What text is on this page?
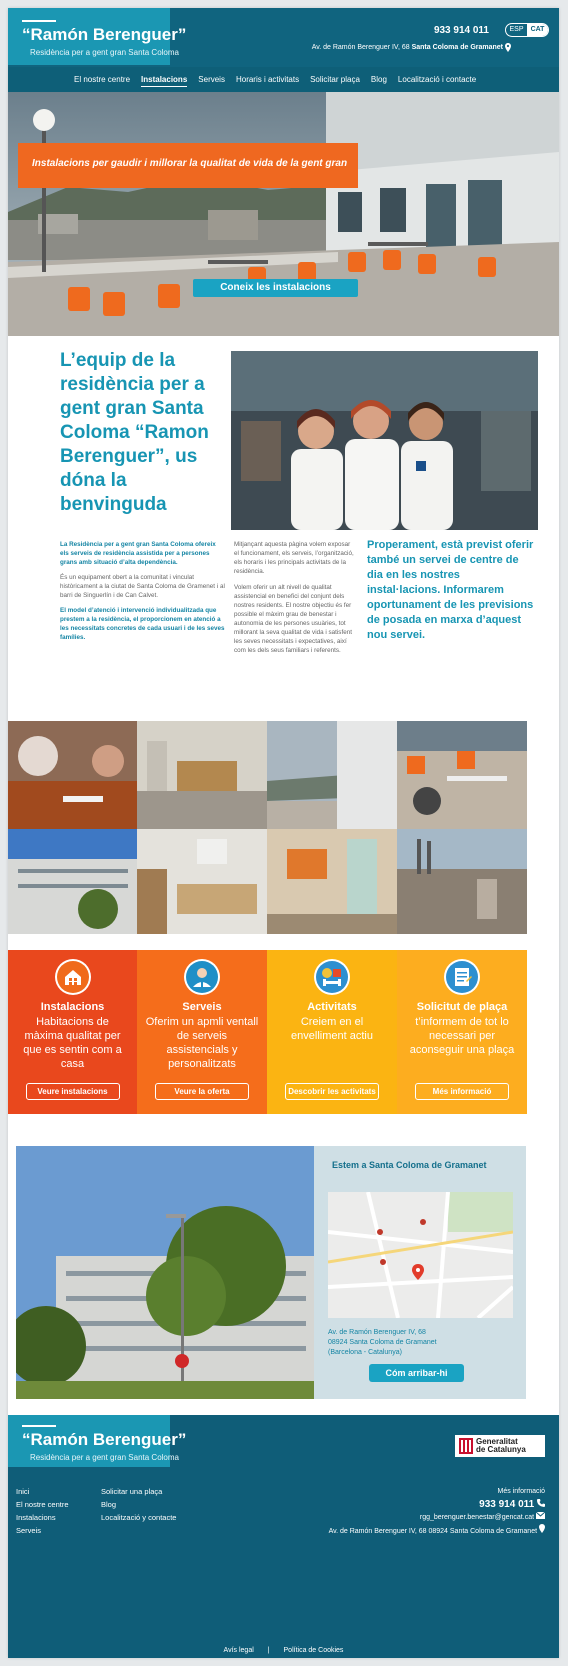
“Ramón Berenguer”
Residència per a gent gran Santa Coloma
933 914 011	ESP	CAT
Av. de Ramón Berenguer IV, 68 Santa Coloma de Gramanet
El nostre centre Instalacions Serveis Horaris i activitats Solicitar plaça Blog Localització i contacte
Instalacions per gaudir i millorar la qualitat de vida de la gent gran
Coneix les instalacions
L’equip de la residència per a gent gran Santa Coloma “Ramon Berenguer”, us dóna la benvinguda

La Residència per a gent gran Santa Coloma ofereix els serveis de residència assistida per a persones grans amb situació d’alta dependència.

És un equipament obert a la comunitat i vinculat històricament a la ciutat de Santa Coloma de Gramenet i al barri de Singuerlín i de Can Calvet.

El model d’atenció i intervenció individualitzada que prestem a la residència, el proporcionem en atenció a les necessitats concretes de cada usuari i de les seves famílies.

Mitjançant aquesta pàgina volem exposar el funcionament, els serveis, l’organització, els horaris i les principals activitats de la residència.

Volem oferir un alt nivell de qualitat assistencial en benefici del conjunt dels nostres residents. El nostre objectiu és fer possible el màxim grau de benestar i autonomia de les persones usuàries, tot millorant la seva qualitat de vida i satisfent les seves necessitats i expectatives, així com les dels seus familiars i referents.

Properament, està previst oferir també un servei de centre de dia en les nostres instal·lacions. Informarem oportunament de les previsions de posada en marxa d’aquest nou servei.
Instalacions
Habitacions de màxima qualitat per que es sentin com a casa
Veure instalacions
Serveis
Oferim un apmli ventall de serveis assistencials y personalitzats
Veure la oferta
Activitats
Creiem en el envelliment actiu
Descobrir les activitats
Solicitut de plaça
t’informem de tot lo necessari per aconseguir una plaça
Més informació
Estem a Santa Coloma de Gramanet
Av. de Ramón Berenguer IV, 68
08924 Santa Coloma de Gramanet
(Barcelona - Catalunya)
Cóm arribar-hi
“Ramón Berenguer”
Residència per a gent gran Santa Coloma
Generalitat
de Catalunya
Inici
El nostre centre
Instalacions
Serveis
Solicitar una plaça
Blog
Localització y contacte
Més informació
933 914 011
rgg_berenguer.benestar@gencat.cat
Av. de Ramón Berenguer IV, 68 08924 Santa Coloma de Gramanet
Avís legal | Política de Cookies
